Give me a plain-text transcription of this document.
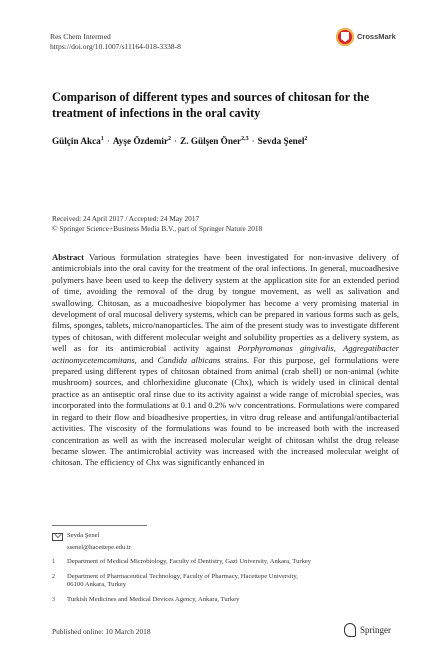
Res Chem Intermed
https://doi.org/10.1007/s11164-018-3338-8
CrossMark
Comparison of different types and sources of chitosan for the treatment of infections in the oral cavity
Gülçin Akca$^1$ · Ayşe Özdemir$^2$ · Z. Gülşen Öner$^{2,3}$ · Sevda Şenel$^2$
Received: 24 April 2017 / Accepted: 24 May 2017
© Springer Science+Business Media B.V., part of Springer Nature 2018
Abstract Various formulation strategies have been investigated for non-invasive delivery of antimicrobials into the oral cavity for the treatment of the oral infections. In general, mucoadhesive polymers have been used to keep the delivery system at the application site for an extended period of time, avoiding the removal of the drug by tongue movement, as well as salivation and swallowing. Chitosan, as a mucoadhesive biopolymer has become a very promising material in development of oral mucosal delivery systems, which can be prepared in various forms such as gels, films, sponges, tablets, micro/nanoparticles. The aim of the present study was to investigate different types of chitosan, with different molecular weight and solubility properties as a delivery system, as well as for its antimicrobial activity against Porphyromonas gingivalis, Aggregatibacter actinomycetemcomitans, and Candida albicans strains. For this purpose, gel formulations were prepared using different types of chitosan obtained from animal (crab shell) or non-animal (white mushroom) sources, and chlorhexidine gluconate (Chx), which is widely used in clinical dental practice as an antiseptic oral rinse due to its activity against a wide range of microbial species, was incorporated into the formulations at 0.1 and 0.2% w/v concentrations. Formulations were compared in regard to their flow and bioadhesive properties, in vitro drug release and antifungal/antibacterial activities. The viscosity of the formulations was found to be increased both with the increased concentration as well as with the increased molecular weight of chitosan whilst the drug release became slower. The antimicrobial activity was increased with the increased molecular weight of chitosan. The efficiency of Chx was significantly enhanced in
Sevda Şenel
ssenel@hacettepe.edu.tr
1	Department of Medical Microbiology, Faculty of Dentistry, Gazi University, Ankara, Turkey
2	Department of Pharmaceutical Technology, Faculty of Pharmacy, Hacettepe University,
06100 Ankara, Turkey
3	Turkish Medicines and Medical Devices Agency, Ankara, Turkey
Published online: 10 March 2018	Springer
